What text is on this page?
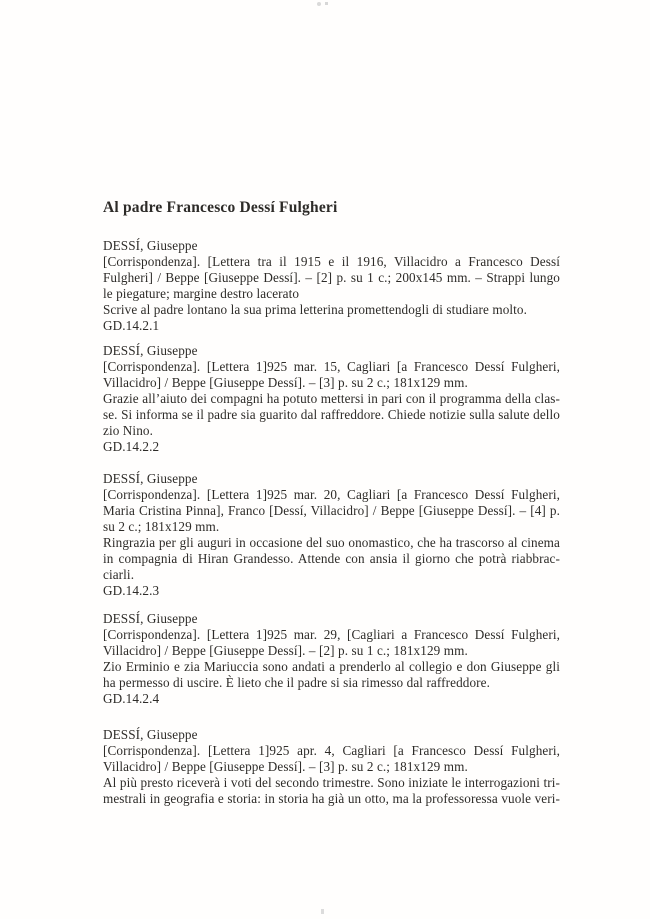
Al padre Francesco Dessí Fulgheri
DESSÍ, Giuseppe
[Corrispondenza]. [Lettera tra il 1915 e il 1916, Villacidro a Francesco Dessí
Fulgheri] / Beppe [Giuseppe Dessí]. – [2] p. su 1 c.; 200x145 mm. – Strappi lungo
le piegature; margine destro lacerato
Scrive al padre lontano la sua prima letterina promettendogli di studiare molto.
GD.14.2.1
DESSÍ, Giuseppe
[Corrispondenza]. [Lettera 1]925 mar. 15, Cagliari [a Francesco Dessí Fulgheri,
Villacidro] / Beppe [Giuseppe Dessí]. – [3] p. su 2 c.; 181x129 mm.
Grazie all’aiuto dei compagni ha potuto mettersi in pari con il programma della clas-
se. Si informa se il padre sia guarito dal raffreddore. Chiede notizie sulla salute dello
zio Nino.
GD.14.2.2
DESSÍ, Giuseppe
[Corrispondenza]. [Lettera 1]925 mar. 20, Cagliari [a Francesco Dessí Fulgheri,
Maria Cristina Pinna], Franco [Dessí, Villacidro] / Beppe [Giuseppe Dessí]. – [4] p.
su 2 c.; 181x129 mm.
Ringrazia per gli auguri in occasione del suo onomastico, che ha trascorso al cinema
in compagnia di Hiran Grandesso. Attende con ansia il giorno che potrà riabbrac-
ciarli.
GD.14.2.3
DESSÍ, Giuseppe
[Corrispondenza]. [Lettera 1]925 mar. 29, [Cagliari a Francesco Dessí Fulgheri,
Villacidro] / Beppe [Giuseppe Dessí]. – [2] p. su 1 c.; 181x129 mm.
Zio Erminio e zia Mariuccia sono andati a prenderlo al collegio e don Giuseppe gli
ha permesso di uscire. È lieto che il padre si sia rimesso dal raffreddore.
GD.14.2.4
DESSÍ, Giuseppe
[Corrispondenza]. [Lettera 1]925 apr. 4, Cagliari [a Francesco Dessí Fulgheri,
Villacidro] / Beppe [Giuseppe Dessí]. – [3] p. su 2 c.; 181x129 mm.
Al più presto riceverà i voti del secondo trimestre. Sono iniziate le interrogazioni tri-
mestrali in geografia e storia: in storia ha già un otto, ma la professoressa vuole veri-
